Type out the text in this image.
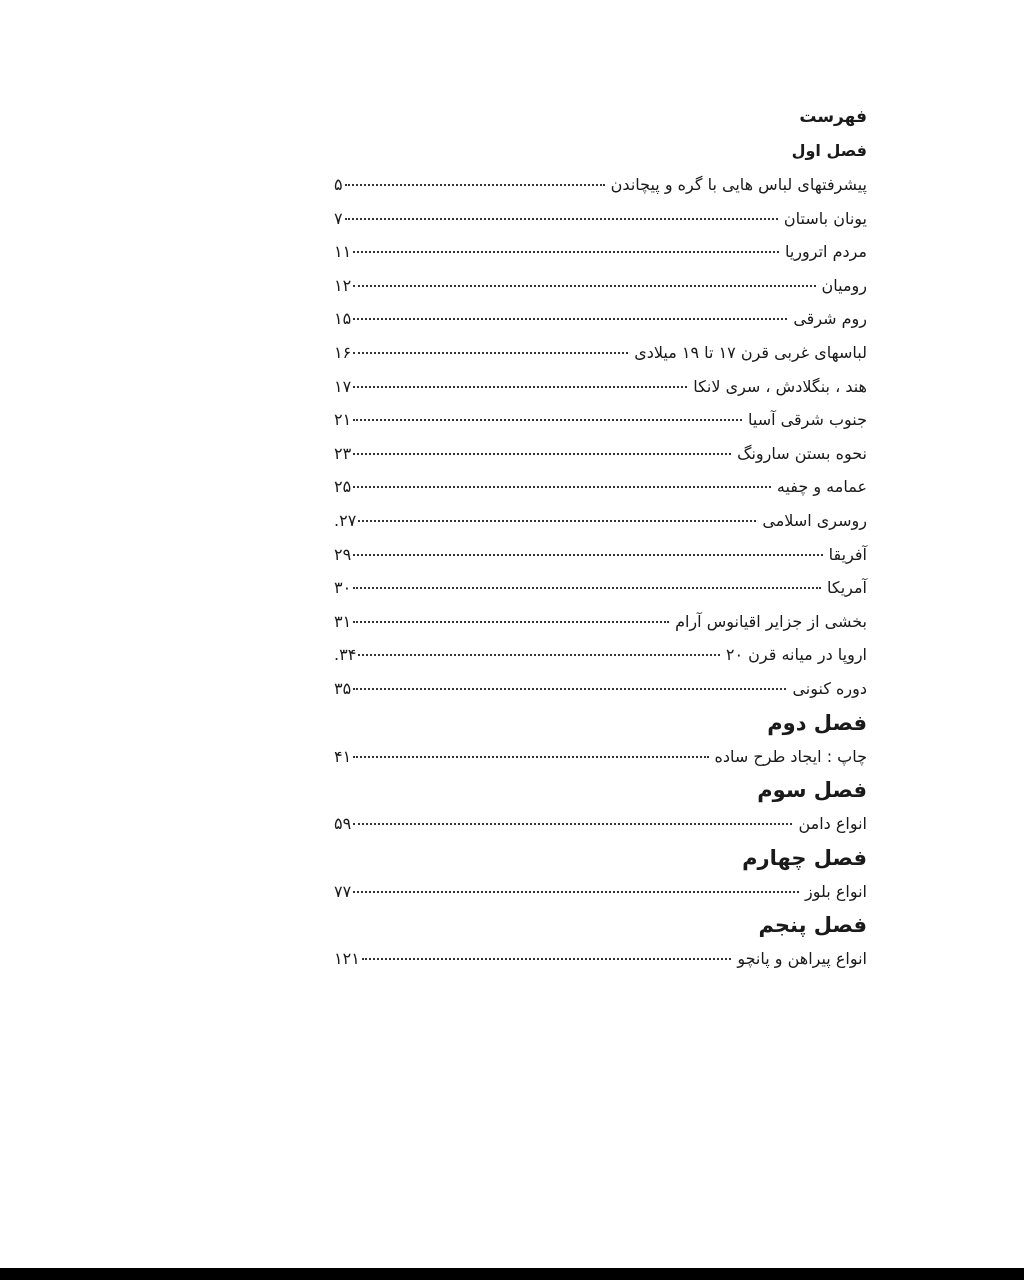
فهرست
فصل اول
پیشرفتهای لباس هایی با گره و پیچاندن
۵
یونان باستان
۷
مردم اتروریا
۱۱
رومیان
۱۲
روم شرقی
۱۵
لباسهای غربی قرن ۱۷ تا ۱۹ میلادی
۱۶
هند ، بنگلادش ، سری لانکا
۱۷
جنوب شرقی آسیا
۲۱
نحوه بستن سارونگ
۲۳
عمامه و چفیه
۲۵
روسری اسلامی
۲۷.
آفریقا
۲۹
آمریکا
۳۰
بخشی از جزایر اقیانوس آرام
۳۱
اروپا در میانه قرن ۲۰
۳۴.
دوره کنونی
۳۵
فصل دوم
چاپ : ایجاد طرح ساده
۴۱
فصل سوم
انواع دامن
۵۹
فصل چهارم
انواع بلوز
۷۷
فصل پنجم
انواع پیراهن و پانچو
۱۲۱
